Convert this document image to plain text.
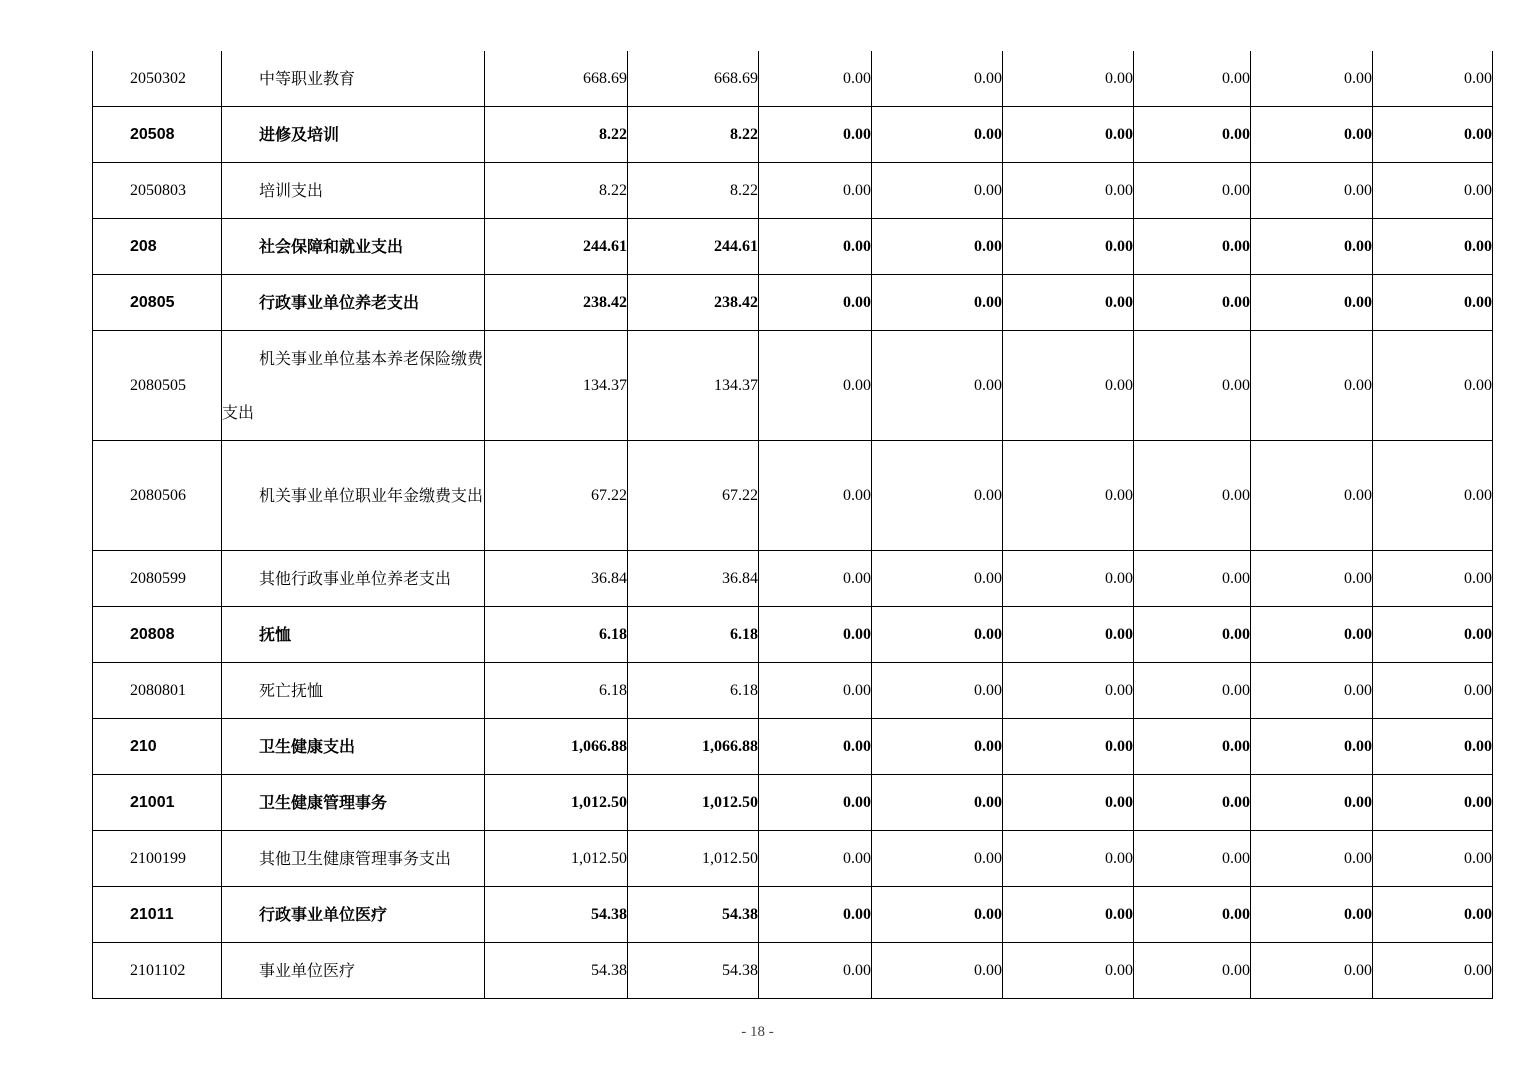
2050302	中等职业教育	668.69	668.69	0.00	0.00	0.00	0.00	0.00	0.00
20508	进修及培训	8.22	8.22	0.00	0.00	0.00	0.00	0.00	0.00
2050803	培训支出	8.22	8.22	0.00	0.00	0.00	0.00	0.00	0.00
208	社会保障和就业支出	244.61	244.61	0.00	0.00	0.00	0.00	0.00	0.00
20805	行政事业单位养老支出	238.42	238.42	0.00	0.00	0.00	0.00	0.00	0.00
2080505	机关事业单位基本养老保险缴费支出	134.37	134.37	0.00	0.00	0.00	0.00	0.00	0.00
2080506	机关事业单位职业年金缴费支出	67.22	67.22	0.00	0.00	0.00	0.00	0.00	0.00
2080599	其他行政事业单位养老支出	36.84	36.84	0.00	0.00	0.00	0.00	0.00	0.00
20808	抚恤	6.18	6.18	0.00	0.00	0.00	0.00	0.00	0.00
2080801	死亡抚恤	6.18	6.18	0.00	0.00	0.00	0.00	0.00	0.00
210	卫生健康支出	1,066.88	1,066.88	0.00	0.00	0.00	0.00	0.00	0.00
21001	卫生健康管理事务	1,012.50	1,012.50	0.00	0.00	0.00	0.00	0.00	0.00
2100199	其他卫生健康管理事务支出	1,012.50	1,012.50	0.00	0.00	0.00	0.00	0.00	0.00
21011	行政事业单位医疗	54.38	54.38	0.00	0.00	0.00	0.00	0.00	0.00
2101102	事业单位医疗	54.38	54.38	0.00	0.00	0.00	0.00	0.00	0.00
- 18 -
